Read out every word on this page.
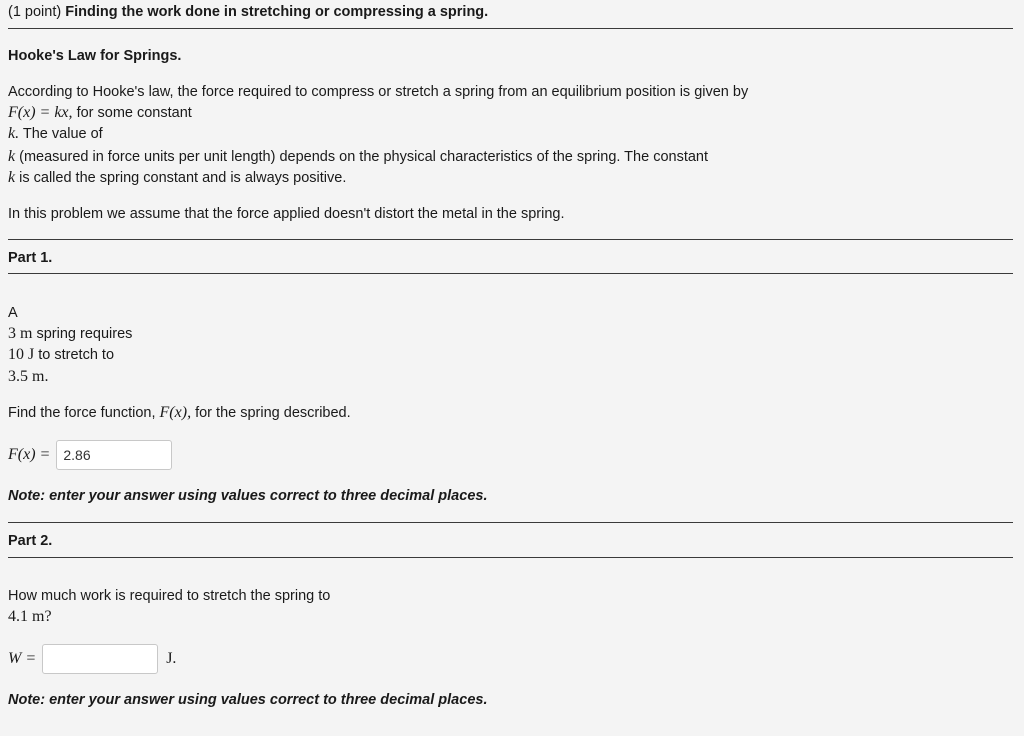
(1 point) Finding the work done in stretching or compressing a spring.
Hooke's Law for Springs.
According to Hooke's law, the force required to compress or stretch a spring from an equilibrium position is given by
F(x) = kx, for some constant
k. The value of
k (measured in force units per unit length) depends on the physical characteristics of the spring. The constant
k is called the spring constant and is always positive.
In this problem we assume that the force applied doesn't distort the metal in the spring.
Part 1.
A
3 m spring requires
10 J to stretch to
3.5 m.
Find the force function, F(x), for the spring described.
F(x) = 2.86
Note: enter your answer using values correct to three decimal places.
Part 2.
How much work is required to stretch the spring to
4.1 m?
W =	J.
Note: enter your answer using values correct to three decimal places.
